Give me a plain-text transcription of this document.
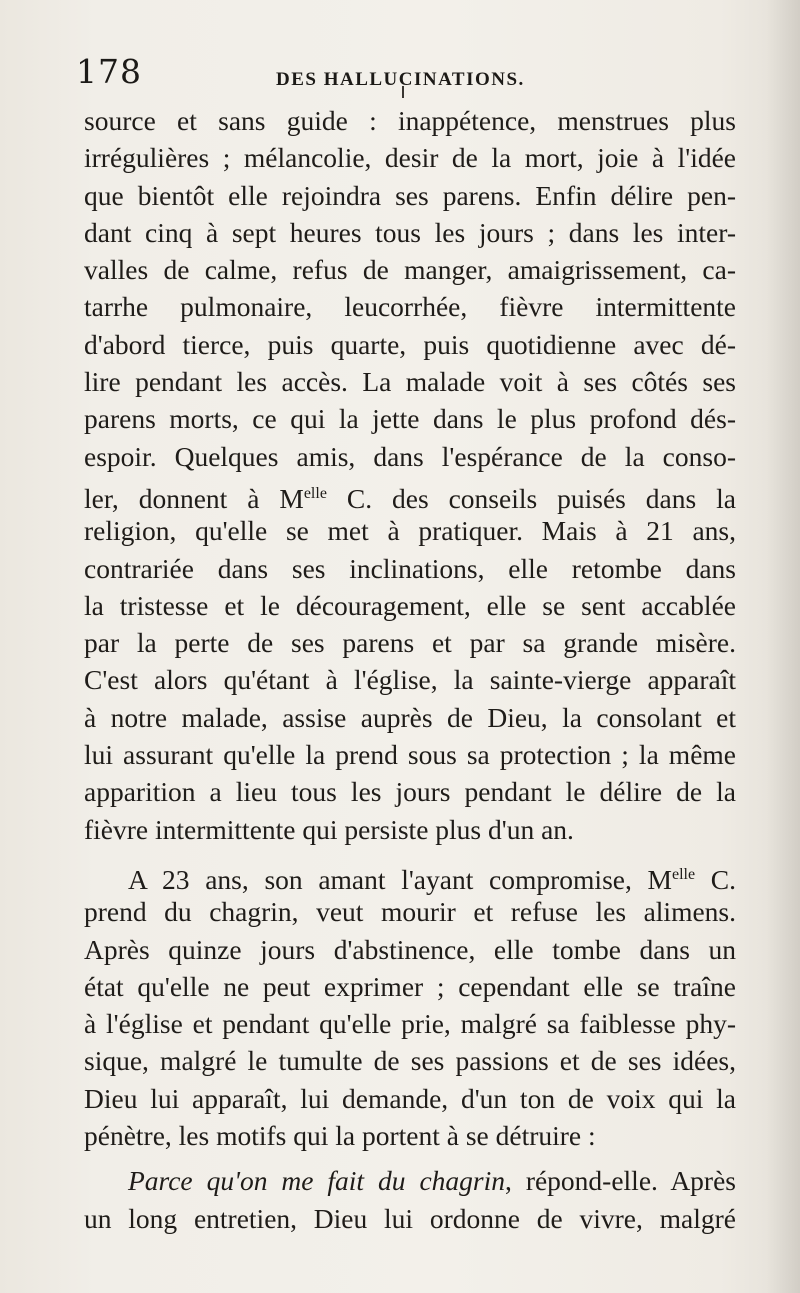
178	DES HALLUCINATIONS.
source et sans guide : inappétence, menstrues plus
irrégulières ; mélancolie, desir de la mort, joie à l'idée
que bientôt elle rejoindra ses parens. Enfin délire pen-
dant cinq à sept heures tous les jours ; dans les inter-
valles de calme, refus de manger, amaigrissement, ca-
tarrhe pulmonaire, leucorrhée, fièvre intermittente
d'abord tierce, puis quarte, puis quotidienne avec dé-
lire pendant les accès. La malade voit à ses côtés ses
parens morts, ce qui la jette dans le plus profond dés-
espoir. Quelques amis, dans l'espérance de la conso-
ler, donnent à $M^{elle}$ C. des conseils puisés dans la
religion, qu'elle se met à pratiquer. Mais à 21 ans,
contrariée dans ses inclinations, elle retombe dans
la tristesse et le découragement, elle se sent accablée
par la perte de ses parens et par sa grande misère.
C'est alors qu'étant à l'église, la sainte-vierge apparaît
à notre malade, assise auprès de Dieu, la consolant et
lui assurant qu'elle la prend sous sa protection ; la même
apparition a lieu tous les jours pendant le délire de la
fièvre intermittente qui persiste plus d'un an.
A 23 ans, son amant l'ayant compromise, $M^{elle}$ C.
prend du chagrin, veut mourir et refuse les alimens.
Après quinze jours d'abstinence, elle tombe dans un
état qu'elle ne peut exprimer ; cependant elle se traîne
à l'église et pendant qu'elle prie, malgré sa faiblesse phy-
sique, malgré le tumulte de ses passions et de ses idées,
Dieu lui apparaît, lui demande, d'un ton de voix qui la
pénètre, les motifs qui la portent à se détruire :
Parce qu'on me fait du chagrin, répond-elle. Après
un long entretien, Dieu lui ordonne de vivre, malgré
